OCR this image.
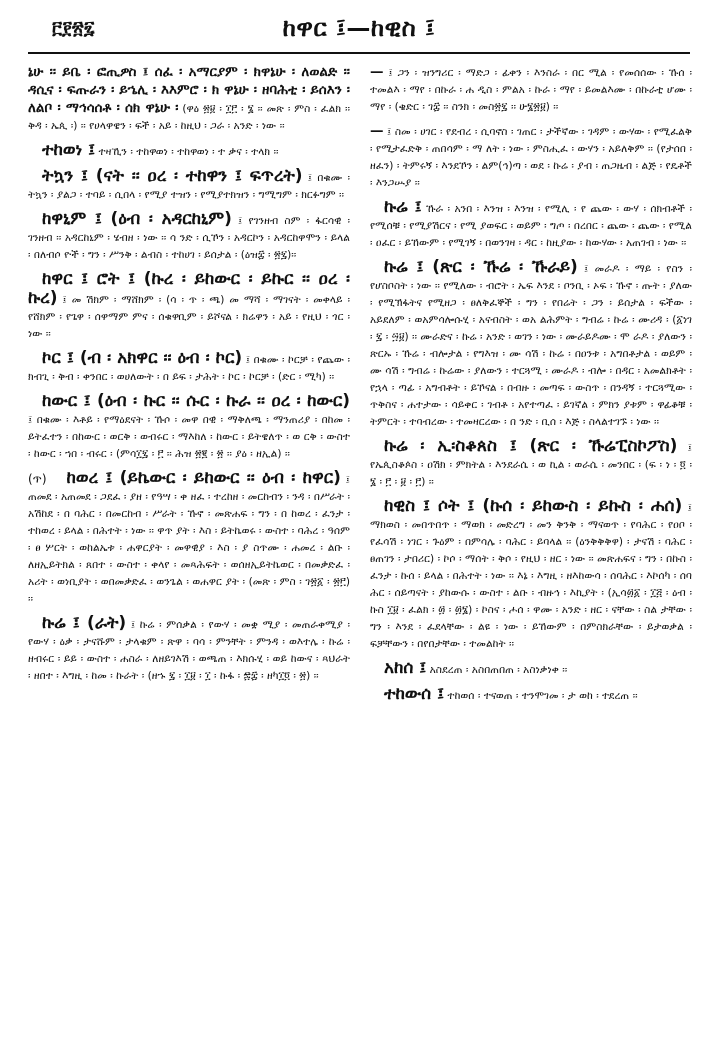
፫፻፳፯	ከዋር ፤—ከዊስ ፤

ኔሁ ፡፡ ይቤ ፡ ፎጢዎስ ፤ ሰፈ ፡ አማርያም ፡ ክዋኔሁ ፡ ለወልድ ፡፡ ዳሲና ፡ ፍጡራን ፡ ይኄሊ ፡ እእምሮ ፡ ክ ዋኔሁ ፡ ዘባሕቲ ፡ ይሰእን ፡ ለልቦ ፡ ማኅሳሰቶ ፡ ሰክ ዋኔሁ ፡ (ዋዕ ፳፱ ፡ ፲፫ ፡ ፮ ፡፡ መጽ ፡ ምስ ፡ ፈልክ ፡፡ ቅዳ ፡ ኤጲ ፡) ፡፡ የሀላዋዌን ፡ ፍች ፡ አይ ፡ ከዚህ ፡ ጋራ ፡ አንድ ፡ ነው ፡፡

ተከወነ ፤ ተዛኺን ፡ ተከዋወነ ፡ ተከዋወነ ፡ ተ ቃና ፡ ተላክ ፡፡

ትኳን ፤ (ናት ፡፡ ዐረ ፡ ተከዋን ፤ ፍጥረት) ፤ በቁሙ ፡ ትኳን ፡ ያልጋ ፡ ተባይ ፡ ሲበላ ፡ የሚያ ተዝን ፡ የሚያተክዝን ፡ ግሚግም ፡ ክርፉግም ፡፡

ከዋኒም ፤ (ዕብ ፡ አዳርከኒም) ፤ የገንዘብ ስም ፡ ፋርሳዊ ፡ ገንዘብ ፡፡ አዳርከኒም ፡ ሄብዘ ፡ ነው ፡፡ ሳ ንድ ፡ ሲኾን ፡ አዳርኮን ፡ አዳርከዋሞን ፡ ይላል ፡ በለብሶ ዮች ፡ ግን ፡ ሥንቅ ፡ ልብስ ፡ ተከሀገ ፡ ይሰታል ፡ (ዕዝ፰ ፡ ፳፯)፡፡

ከዋር ፤ ሮት ፤ (ኩረ ፡ ይከውር ፡ ይኩር ፡፡ ዐረ ፡ ኩረ) ፤ መ ሽክም ፡ ማሸክም ፡ (ሳ ፡ ጥ ፡ ጫ) መ ማሻ ፡ ማገናት ፡ መቀላይ ፡ የሸክም ፡ የጌዋ ፡ ሰዋማም ምና ፡ ሰቁዋቢም ፡ ይሾናል ፡ ክሬዋን ፡ አይ ፡ የዚህ ፡ ጎር ፡ ነው ፡፡

ኮር ፤ (ብ ፡ አክዋር ፡፡ ዕብ ፡ ኮር) ፤ በቁሙ ፡ ኮርቻ ፡ የጨው ፡ ክብጊ ፡ ቅብ ፡ ቀንበር ፡ ወሀለውት ፡ በ ይፍ ፡ ታሕት ፡ ኮር ፡ ኮርቻ ፡ (ድር ፡ ሚካ) ፡፡

ከውር ፤ (ዕብ ፡ ኩር ፡፡ ሱር ፡ ኩራ ፡፡ ዐረ ፡ ከውር) ፤ በቁሙ ፡ እቶይ ፡ የማዕደናት ፡ ኹሶ ፡ መዋ በዊ ፡ ማቅለጫ ፡ ማንጠሪያ ፡ በከመ ፡ ይትፈተን ፡ በከውር ፡ ወርቅ ፡ ወብሩር ፡ ማእከለ ፡ ከውር ፡ ይትዌለጥ ፡ ወ ርቅ ፡ ውስተ ፡ ከውር ፡ ኀበ ፡ ብሩር ፡ (ምሳ፲፯ ፡ ፫ ፡፡ ሕዝ ፳፪ ፡ ፳ ፡፡ ያዕ ፡ ዘኢል) ፡፡

(ጥ) ከወረ ፤ (ይኬውር ፡ ይከውር ፡፡ ዕብ ፡ ከዋር) ፤ ጠመደ ፡ አጠመደ ፡ ጋደፈ ፡ ያዘ ፡ የዓሣ ፡ ቀ ዘፈ ፡ ተረከዘ ፡ መርከብን ፡ ንዳ ፡ በሥራት ፡ አሽከደ ፡ በ ባሕር ፡ በመርከብ ፡ ሥራት ፡ ኹኖ ፡ መጽሐፍ ፡ ግን ፡ በ ከወረ ፡ ፈንታ ፡ ተከወረ ፡ ይላል ፡ በሕተት ፡ ነው ፡፡ ዋጥ ያት ፡ እስ ፡ ይትኬወሩ ፡ ውስተ ፡ ባሕረ ፡ ዓሰም ፡ ፀ ሦርት ፡ ወከልኤቱ ፡ ሐዋርያት ፡ መዋዊያ ፡ እስ ፡ ያ ስጥሙ ፡ ሐመረ ፡ ልቡ ፡ ለዘኢይትክል ፡ ጸበተ ፡ ውስተ ፡ ቀላየ ፡ መጻሕፍት ፡ ወሰዘኢይትኬወር ፡ በመቃድፈ ፡ አሪት ፡ ወነቢያት ፡ ወበመቃድፈ ፡ ወንጌል ፡ ወሐዋር ያት ፡ (መጽ ፡ ምስ ፡ ገ፳፩ ፡ ፳፫) ፡፡

ኩሬ ፤ (ራት) ፤ ኩሬ ፡ ምሰቃል ፡ የውሃ ፡ መቋ ሚያ ፡ መጠራቀሚያ ፡ የውሃ ፡ ዕቃ ፡ ታናሹም ፡ ታላቁም ፡ ጽዋ ፡ ባሳ ፡ ምንቸት ፡ ምንዳ ፡ ወእተሌ ፡ ኩሬ ፡ ዘብሩር ፡ ይይ ፡ ውስተ ፡ ሐስራ ፡ ለዘይገእሽ ፡ ወጫጠ ፡ እክሱሂ ፡ ወይ ከውና ፡ ጻህራት ፡ ዘበተ ፡ እግዚ ፡ ከመ ፡ ኩራት ፡ (ዘኁ ፯ ፡ ፲፱ ፡ ፲ ፡ ኩፋ ፡ ፷፰ ፡ ዘካ፲፬ ፡ ፳) ፡፡

— ፤ ጋን ፡ ዝንግሪር ፡ ማድጋ ፡ ፊቀን ፡ እንስራ ፡ በር ሚል ፡ የመሰሰው ፡ ኹሰ ፡ ተመልእ ፡ ማየ ፡ በኩራ ፡ ሐ ዲስ ፡ ምልአ ፡ ኩራ ፡ ማየ ፡ ይመልእሙ ፡ በኩራቲ ሆሙ ፡ ማየ ፡ (ቄድር ፡ ገ፰ ፡፡ ስንክ ፡ መስ፳፯ ፡፡ ሁ፮፳፱) ፡፡

— ፤ ስመ ፡ ሀገር ፡ የደብረ ፡ ሲባኖስ ፡ ገጠር ፡ ታችኛው ፡ ገዳም ፡ ውሃው ፡ የሚፈልቅ ፡ የሚታፈድቅ ፡ ጠበሳም ፡ ማ ለት ፡ ነው ፡ ምስሒፈ ፡ ውሃን ፡ አይለቅም ፡፡ (የታሰበ ፡ ዘፈን) ፡ ትምሩኝ ፡ እንደኾን ፡ ልም(ኅ)ጣ ፡ ወደ ፡ ኩሬ ፡ ያብ ፡ ጠጋዜብ ፡ ልጅ ፡ የዴቶች ፡ እንጋሡያ ፡፡

ኩሬ ፤ ኹራ ፡ አንበ ፡ እንዝ ፡ እንዝ ፡ የሚሊ ፡ የ ጨው ፡ ውሃ ፡ ሰክብቶች ፡ የሚሰቹ ፡ የሚያሽርና ፡ የሚ ያወፍር ፡ ወይም ፡ ግጦ ፡ በረበር ፡ ጨው ፡ ጨው ፡ የሚል ፡ ዐፈር ፡ ይኸውም ፡ የሚገኝ ፡ በወንገዛ ፡ ዳር ፡ ከዚያው ፡ ከውሃው ፡ አጠገብ ፡ ነው ፡፡

ኩሬ ፤ (ጽር ፡ ኹሬ ፡ ኹራይ) ፤ መራዶ ፡ ማይ ፡ የስን ፡ የሆስቦስት ፡ ነው ፡፡ የሚለው ፡ ብሮት ፡ ኤፍ እንደ ፡ ቦንቢ ፡ ኦፍ ፡ ኹኖ ፡ ጡት ፡ ያለው ፡ የሚኽፋትና የሚዘጋ ፡ ፀለቅፈኞች ፡ ግን ፡ የበሬት ፡ ጋን ፡ ይሰታል ፡ ፍችው ፡ አይደለም ፡ ወአምሳሎሱሂ ፡ አናብስት ፡ ወአ ልሕምት ፡ ግብሬ ፡ ኩሬ ፡ ሙሪዳ ፡ (፩ነገ ፡ ፯ ፡ ፵፱) ፡፡ ሙራድና ፡ ኩሬ ፡ አንድ ፡ ወገን ፡ ነው ፡ ሙራይዶሙ ፡ ሞ ራዶ ፡ ያለውን ፡ ጽርኡ ፡ ኹሬ ፡ ብሎታል ፡ የግእዝ ፡ ሙ ሳሽ ፡ ኩሬ ፡ በዐንቱ ፡ አግበቶታል ፡ ወይም ፡ ሙ ሳሽ ፡ ግብሬ ፡ ኩሬው ፡ ያለውን ፡ ተርጓሚ ፡ ሙራዶ ፡ ብሎ ፡ በዳር ፡ አመልክቶት ፡ የኋላ ፡ ጣፊ ፡ አግብቶት ፡ ይኾናል ፡ በብዙ ፡ መጣፍ ፡ ውስጥ ፡ በንዳኝ ፡ ተርጓሚው ፡ ጥቅስና ፡ ሐተታው ፡ ሳይቀር ፡ ገብቶ ፡ አየተጣፈ ፡ ይገኛል ፡ ምክን ያቱም ፡ ዋፊቆቹ ፡ ትምርት ፡ ተባብረው ፡ ተመዛርረው ፡ በ ንድ ፡ ቢሰ ፡ እጅ ፡ ስላልተገኙ ፡ ነው ፡፡

ኩሬ ፡ ኢ፡ስቆጰስ ፤ (ጽር ፡ ኹሬፒስኮፖስ) ፤ የኤጲስቆጶስ ፡ ዐሽክ ፡ ምክትል ፡ እንደራሴ ፡ ወ ኪል ፡ ወራሴ ፡ መንበር ፡ (ፍ ፡ ነ ፡ ፬ ፡ ፮ ፡ ፫ ፡ ፱ ፡ ፫) ፡፡

ከዊስ ፤ ሶት ፤ (ኩሰ ፡ ይከውስ ፡ ይኩስ ፡ ሐሰ) ፤ ማክወስ ፡ መበጥበጥ ፡ ማወክ ፡ መድረግ ፡ መን ቅንቅ ፡ ማናወጥ ፡ የባሕር ፡ የዐቦ ፡ የፈሳሽ ፡ ነገር ፡ ጉዕም ፡ በምሳሌ ፡ ባሕር ፡ ይባላል ፡፡ (ዕንቅቅቅዋ) ፡ ታናሽ ፡ ባሕር ፡ ፀጠገን ፡ ታበሪር) ፡ ኮሶ ፡ ማሰት ፡ ቅሶ ፡ የዚህ ፡ ዘር ፡ ነው ፡፡ መጽሐፍና ፡ ግን ፡ በኩስ ፡ ፈንታ ፡ ኩሰ ፡ ይላል ፡ በሕተት ፡ ነው ፡፡ እኔ ፡ እግዚ ፡ ዘእከውሳ ፡ ሰባሕር ፡ እኮሰካ ፡ ሰባ ሕር ፡ ሰይጣናት ፡ ያከውሱ ፡ ውስተ ፡ ልቡ ፡ ብዙኅ ፡ እኪያት ፡ (ኢሳ፴፩ ፡ ፲፭ ፡ ዕብ ፡ ኩስ ፲፱ ፡ ፈልክ ፡ ፴ ፡ ፴፮) ፡ ኮስና ፡ ሖሰ ፡ ዋሙ ፡ አንድ ፡ ዘር ፡ ናቸው ፡ ስል ታቸው ፡ ግን ፡ እንደ ፡ ፈደላቸው ፡ ልዩ ፡ ነው ፡ ይኸውም ፡ በምስክራቸው ፡ ይታወቃል ፡ ፍቻቸውን ፡ በየበታቸው ፡ ተመልከት ፡፡

አከሰ ፤ አስደረጠ ፡ አስበጠበጠ ፡ አስነቃነቀ ፡፡

ተከውሰ ፤ ተከወሰ ፡ ተናወጠ ፡ ተንሞገመ ፡ ታ ወከ ፡ ተደረጠ ፡፡
